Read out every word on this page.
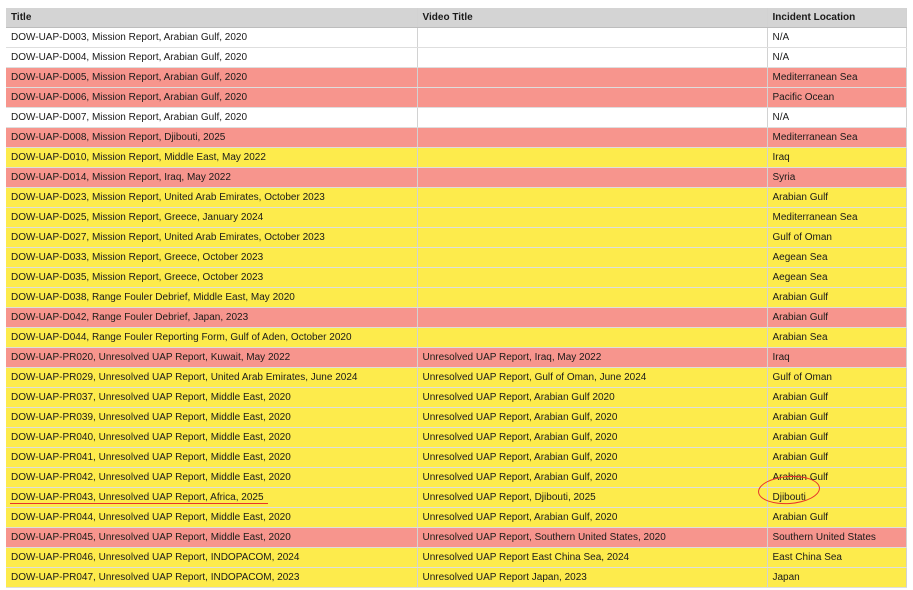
Title	Video Title	Incident Location
DOW-UAP-D003, Mission Report, Arabian Gulf, 2020		N/A
DOW-UAP-D004, Mission Report, Arabian Gulf, 2020		N/A
DOW-UAP-D005, Mission Report, Arabian Gulf, 2020		Mediterranean Sea
DOW-UAP-D006, Mission Report, Arabian Gulf, 2020		Pacific Ocean
DOW-UAP-D007, Mission Report, Arabian Gulf, 2020		N/A
DOW-UAP-D008, Mission Report, Djibouti, 2025		Mediterranean Sea
DOW-UAP-D010, Mission Report, Middle East, May 2022		Iraq
DOW-UAP-D014, Mission Report, Iraq, May 2022		Syria
DOW-UAP-D023, Mission Report, United Arab Emirates, October 2023		Arabian Gulf
DOW-UAP-D025, Mission Report, Greece, January 2024		Mediterranean Sea
DOW-UAP-D027, Mission Report, United Arab Emirates, October 2023		Gulf of Oman
DOW-UAP-D033, Mission Report, Greece, October 2023		Aegean Sea
DOW-UAP-D035, Mission Report, Greece, October 2023		Aegean Sea
DOW-UAP-D038, Range Fouler Debrief, Middle East, May 2020		Arabian Gulf
DOW-UAP-D042, Range Fouler Debrief, Japan, 2023		Arabian Gulf
DOW-UAP-D044, Range Fouler Reporting Form, Gulf of Aden, October 2020		Arabian Sea
DOW-UAP-PR020, Unresolved UAP Report, Kuwait, May 2022	Unresolved UAP Report, Iraq, May 2022	Iraq
DOW-UAP-PR029, Unresolved UAP Report, United Arab Emirates, June 2024	Unresolved UAP Report, Gulf of Oman, June 2024	Gulf of Oman
DOW-UAP-PR037, Unresolved UAP Report, Middle East, 2020	Unresolved UAP Report, Arabian Gulf 2020	Arabian Gulf
DOW-UAP-PR039, Unresolved UAP Report, Middle East, 2020	Unresolved UAP Report, Arabian Gulf, 2020	Arabian Gulf
DOW-UAP-PR040, Unresolved UAP Report, Middle East, 2020	Unresolved UAP Report, Arabian Gulf, 2020	Arabian Gulf
DOW-UAP-PR041, Unresolved UAP Report, Middle East, 2020	Unresolved UAP Report, Arabian Gulf, 2020	Arabian Gulf
DOW-UAP-PR042, Unresolved UAP Report, Middle East, 2020	Unresolved UAP Report, Arabian Gulf, 2020	Arabian Gulf
DOW-UAP-PR043, Unresolved UAP Report, Africa, 2025	Unresolved UAP Report, Djibouti, 2025	Djibouti
DOW-UAP-PR044, Unresolved UAP Report, Middle East, 2020	Unresolved UAP Report, Arabian Gulf, 2020	Arabian Gulf
DOW-UAP-PR045, Unresolved UAP Report, Middle East, 2020	Unresolved UAP Report, Southern United States, 2020	Southern United States
DOW-UAP-PR046, Unresolved UAP Report, INDOPACOM, 2024	Unresolved UAP Report East China Sea, 2024	East China Sea
DOW-UAP-PR047, Unresolved UAP Report, INDOPACOM, 2023	Unresolved UAP Report Japan, 2023	Japan
